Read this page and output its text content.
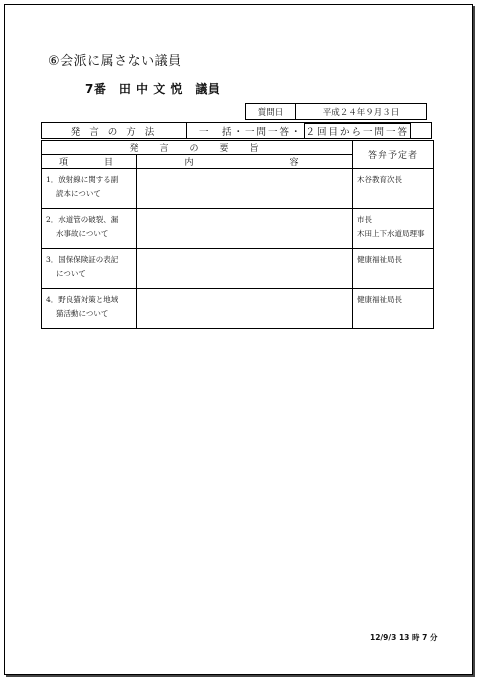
⑥会派に属さない議員
7番　田 中 文 悦　議員
質問日	平成２４年９月３日
発 言 の 方 法	一　括・一問一答・ ２回目から一問一答
発　言　の　要　旨		答弁予定者
項　　目	内　　　　　　容	
1．放射線に関する副
読本について		木谷教育次長
2．水道管の破裂、漏
水事故について		市長
木田上下水道局理事
3．国保保険証の表記
について		健康福祉局長
4．野良猫対策と地域
猫活動について		健康福祉局長
12/9/3 13 時 7 分
